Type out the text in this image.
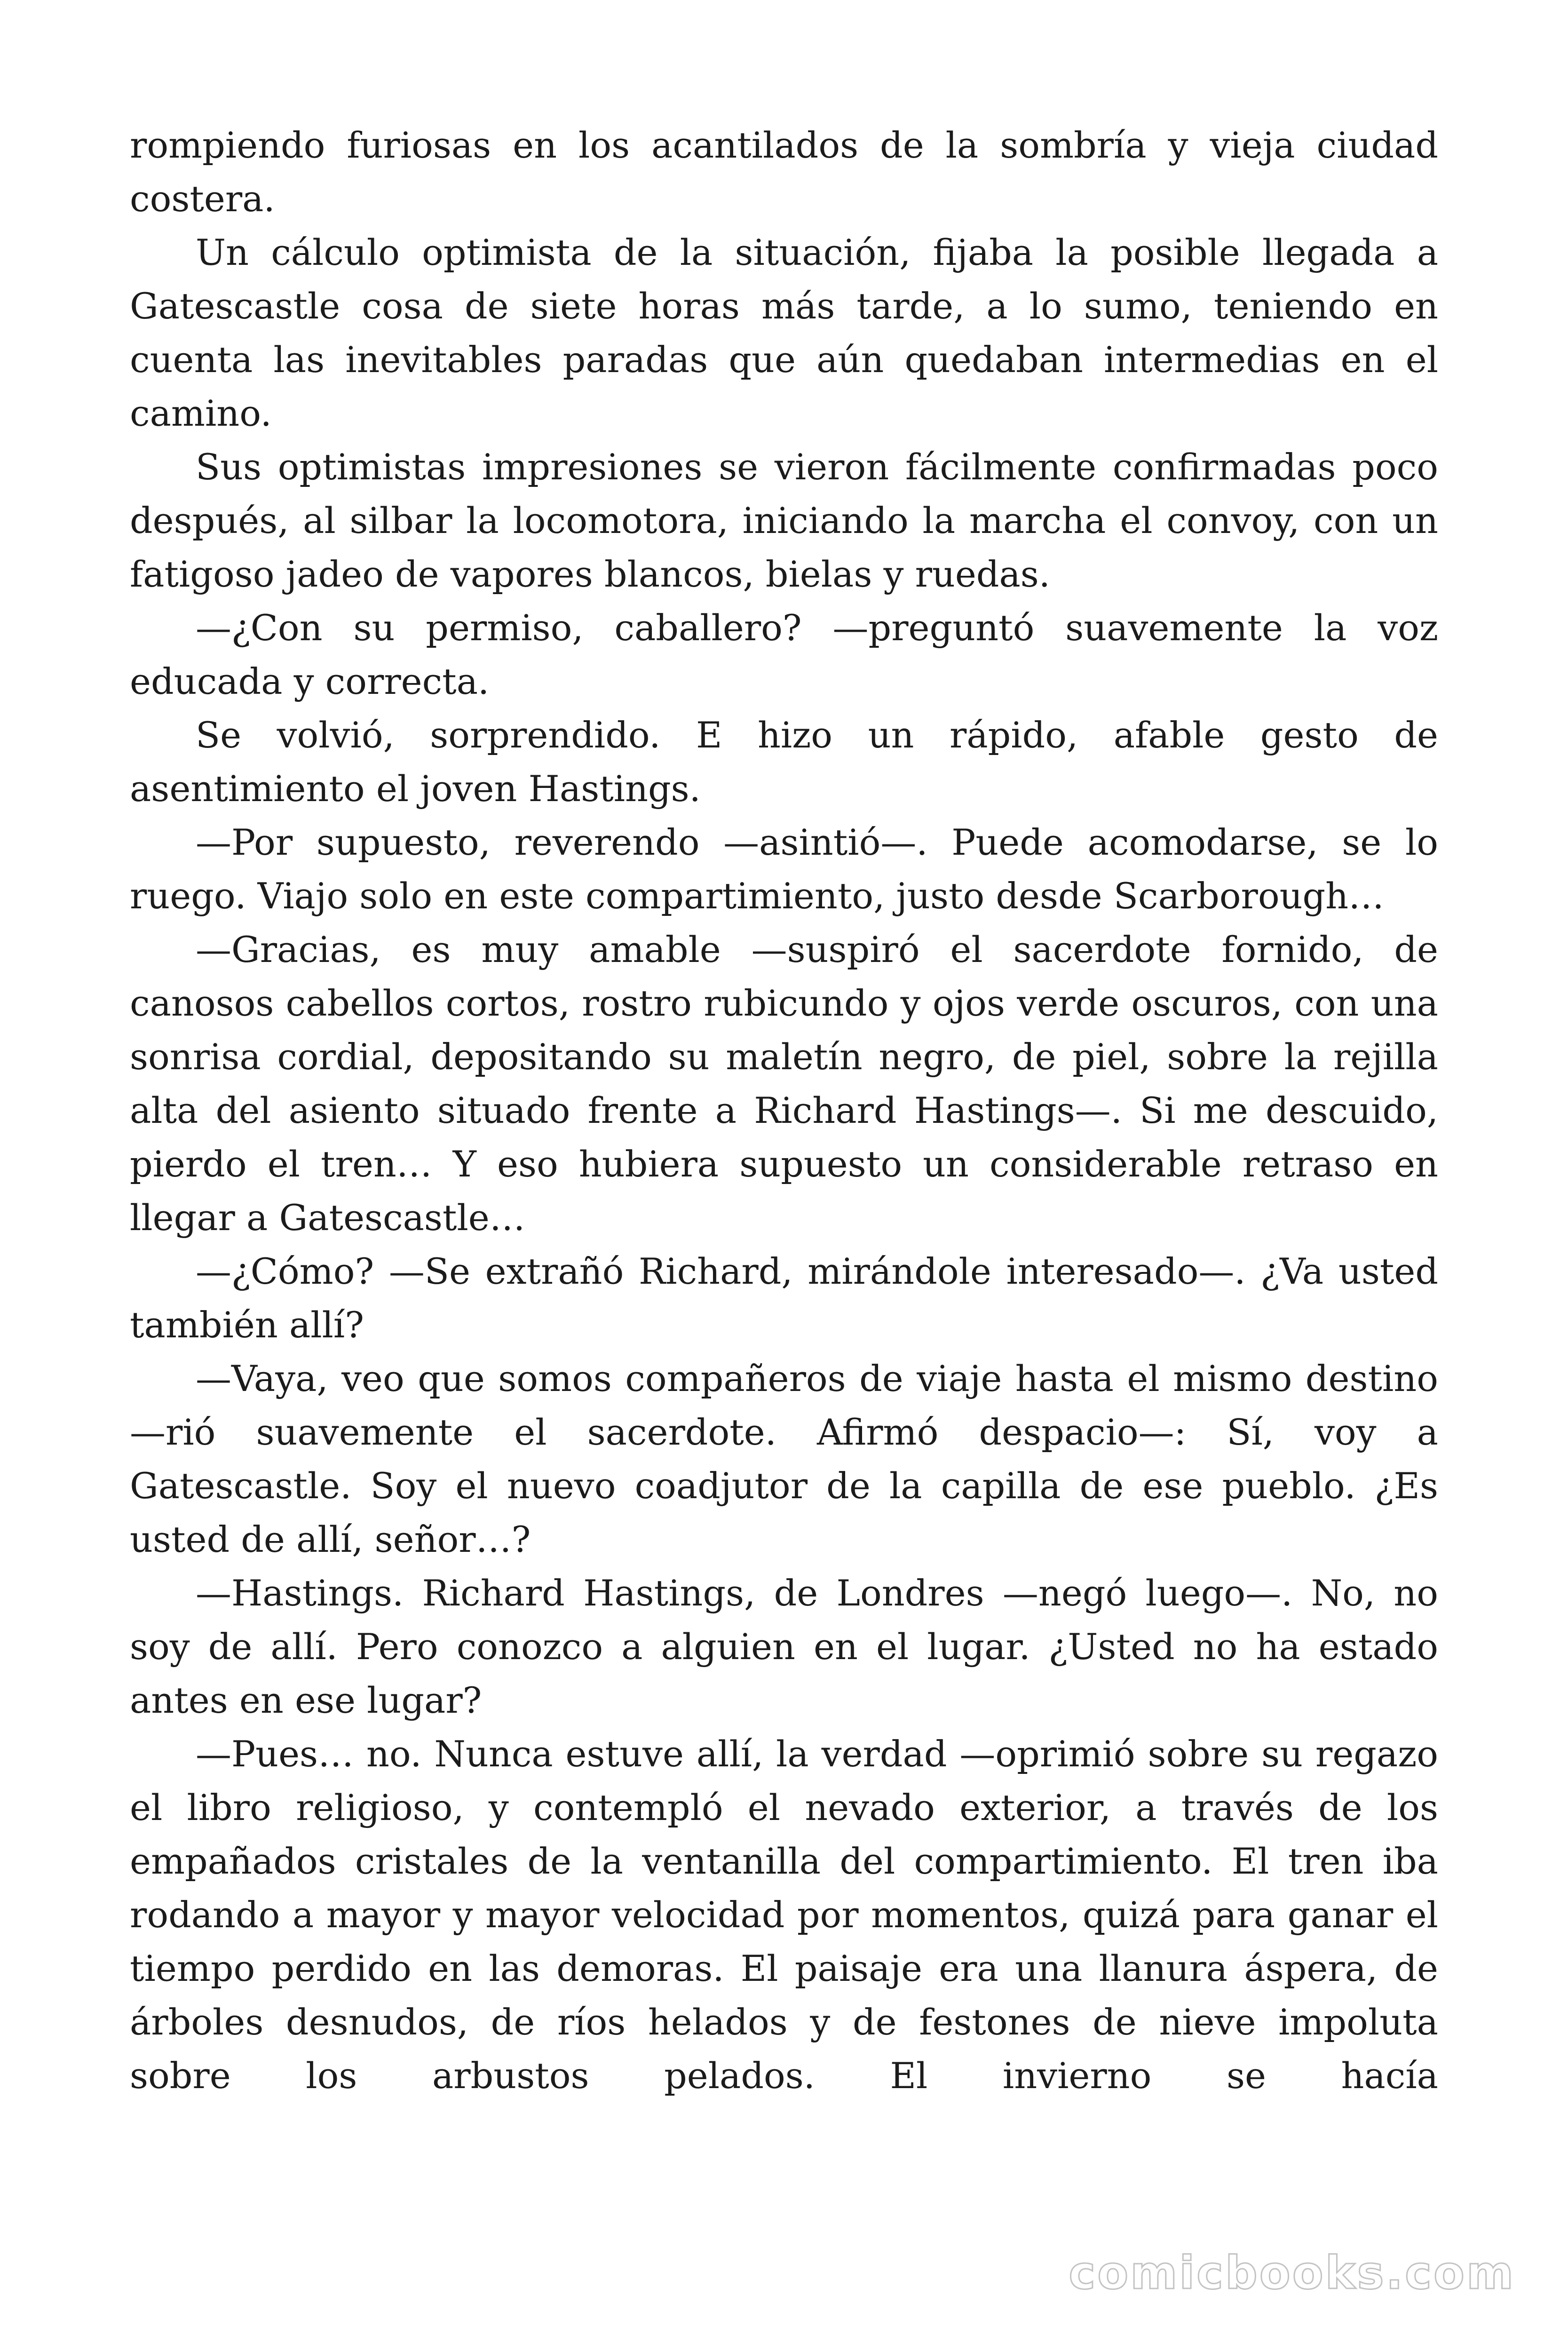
rompiendo furiosas en los acantilados de la sombría y vieja ciudad costera.

Un cálculo optimista de la situación, fijaba la posible llegada a Gatescastle cosa de siete horas más tarde, a lo sumo, teniendo en cuenta las inevitables paradas que aún quedaban intermedias en el camino.

Sus optimistas impresiones se vieron fácilmente confirmadas poco después, al silbar la locomotora, iniciando la marcha el convoy, con un fatigoso jadeo de vapores blancos, bielas y ruedas.

—¿Con su permiso, caballero? —preguntó suavemente la voz educada y correcta.

Se volvió, sorprendido. E hizo un rápido, afable gesto de asentimiento el joven Hastings.

—Por supuesto, reverendo —asintió—. Puede acomodarse, se lo ruego. Viajo solo en este compartimiento, justo desde Scarborough…

—Gracias, es muy amable —suspiró el sacerdote fornido, de canosos cabellos cortos, rostro rubicundo y ojos verde oscuros, con una sonrisa cordial, depositando su maletín negro, de piel, sobre la rejilla alta del asiento situado frente a Richard Hastings—. Si me descuido, pierdo el tren… Y eso hubiera supuesto un considerable retraso en llegar a Gatescastle…

—¿Cómo? —Se extrañó Richard, mirándole interesado—. ¿Va usted también allí?

—Vaya, veo que somos compañeros de viaje hasta el mismo destino —rió suavemente el sacerdote. Afirmó despacio—: Sí, voy a Gatescastle. Soy el nuevo coadjutor de la capilla de ese pueblo. ¿Es usted de allí, señor…?

—Hastings. Richard Hastings, de Londres —negó luego—. No, no soy de allí. Pero conozco a alguien en el lugar. ¿Usted no ha estado antes en ese lugar?

—Pues… no. Nunca estuve allí, la verdad —oprimió sobre su regazo el libro religioso, y contempló el nevado exterior, a través de los empañados cristales de la ventanilla del compartimiento. El tren iba rodando a mayor y mayor velocidad por momentos, quizá para ganar el tiempo perdido en las demoras. El paisaje era una llanura áspera, de árboles desnudos, de ríos helados y de festones de nieve impoluta sobre los arbustos pelados. El invierno se hacía

comicbooks.com
